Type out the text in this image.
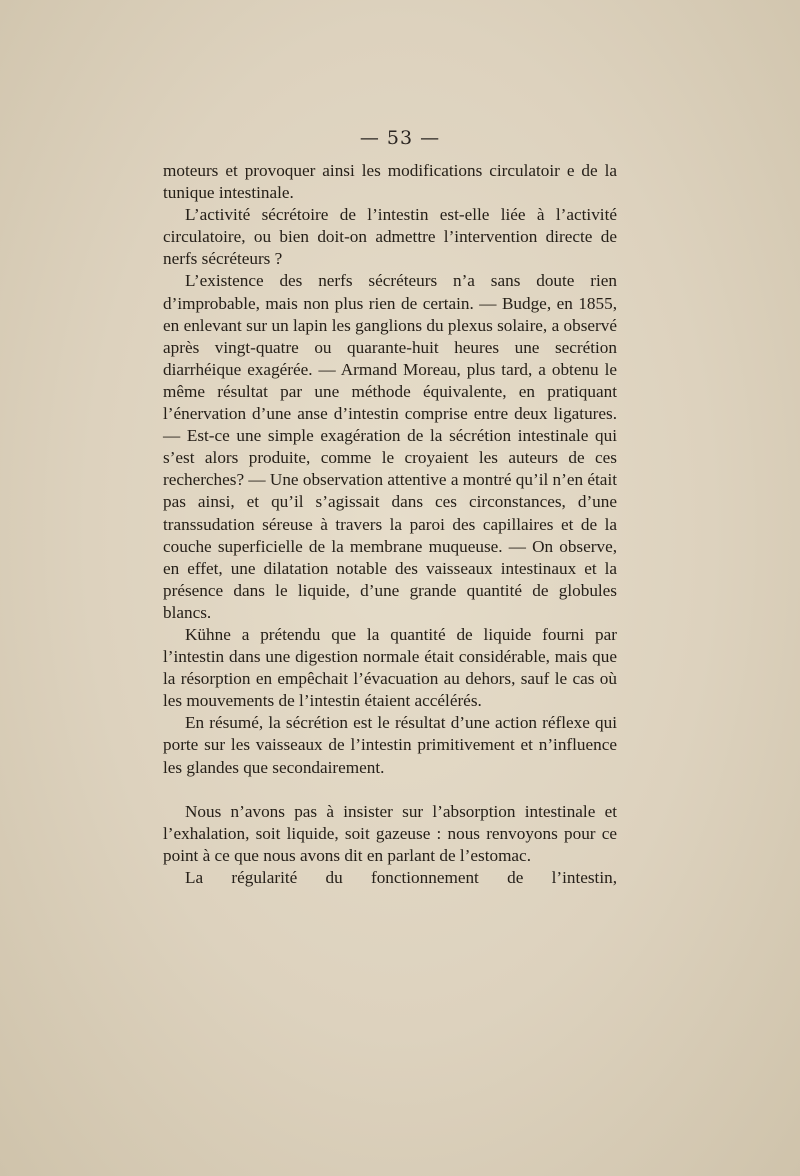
— 53 —

moteurs et provoquer ainsi les modifications circulatoir e de la tunique intestinale.

L’activité sécrétoire de l’intestin est-elle liée à l’activité circulatoire, ou bien doit-on admettre l’intervention directe de nerfs sécréteurs ?

L’existence des nerfs sécréteurs n’a sans doute rien d’improbable, mais non plus rien de certain. — Budge, en 1855, en enlevant sur un lapin les ganglions du plexus solaire, a observé après vingt-quatre ou quarante-huit heures une secrétion diarrhéique exagérée. — Armand Moreau, plus tard, a obtenu le même résultat par une méthode équivalente, en pratiquant l’énervation d’une anse d’intestin comprise entre deux ligatures. — Est-ce une simple exagération de la sécrétion intestinale qui s’est alors produite, comme le croyaient les auteurs de ces recherches? — Une observation attentive a montré qu’il n’en était pas ainsi, et qu’il s’agissait dans ces circonstances, d’une transsudation séreuse à travers la paroi des capillaires et de la couche superficielle de la membrane muqueuse. — On observe, en effet, une dilatation notable des vaisseaux intestinaux et la présence dans le liquide, d’une grande quantité de globules blancs.

Kühne a prétendu que la quantité de liquide fourni par l’intestin dans une digestion normale était considérable, mais que la résorption en empêchait l’évacuation au dehors, sauf le cas où les mouvements de l’intestin étaient accélérés.

En résumé, la sécrétion est le résultat d’une action réflexe qui porte sur les vaisseaux de l’intestin primitivement et n’influence les glandes que secondairement.

Nous n’avons pas à insister sur l’absorption intestinale et l’exhalation, soit liquide, soit gazeuse : nous renvoyons pour ce point à ce que nous avons dit en parlant de l’estomac.

La régularité du fonctionnement de l’intestin,
